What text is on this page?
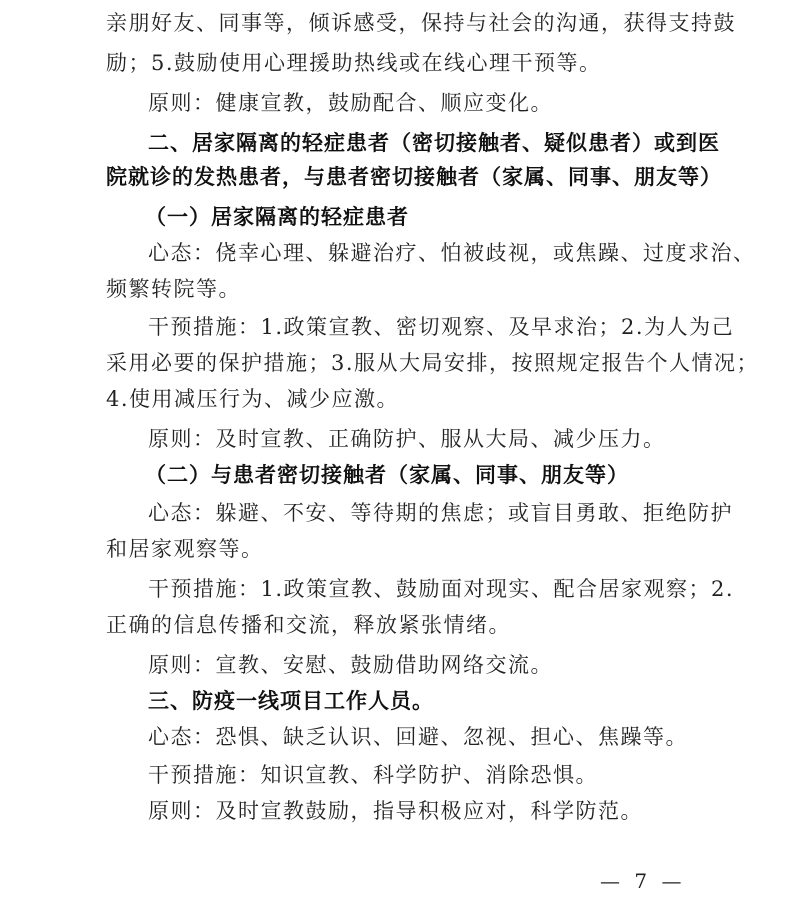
亲朋好友、同事等，倾诉感受，保持与社会的沟通，获得支持鼓
励；5.鼓励使用心理援助热线或在线心理干预等。
原则：健康宣教，鼓励配合、顺应变化。
二、居家隔离的轻症患者（密切接触者、疑似患者）或到医
院就诊的发热患者，与患者密切接触者（家属、同事、朋友等）
（一）居家隔离的轻症患者
心态：侥幸心理、躲避治疗、怕被歧视，或焦躁、过度求治、
频繁转院等。
干预措施：1.政策宣教、密切观察、及早求治；2.为人为己
采用必要的保护措施；3.服从大局安排，按照规定报告个人情况；
4.使用减压行为、减少应激。
原则：及时宣教、正确防护、服从大局、减少压力。
（二）与患者密切接触者（家属、同事、朋友等）
心态：躲避、不安、等待期的焦虑；或盲目勇敢、拒绝防护
和居家观察等。
干预措施：1.政策宣教、鼓励面对现实、配合居家观察；2.
正确的信息传播和交流，释放紧张情绪。
原则：宣教、安慰、鼓励借助网络交流。
三、防疫一线项目工作人员。
心态：恐惧、缺乏认识、回避、忽视、担心、焦躁等。
干预措施：知识宣教、科学防护、消除恐惧。
原则：及时宣教鼓励，指导积极应对，科学防范。
— 7 —
